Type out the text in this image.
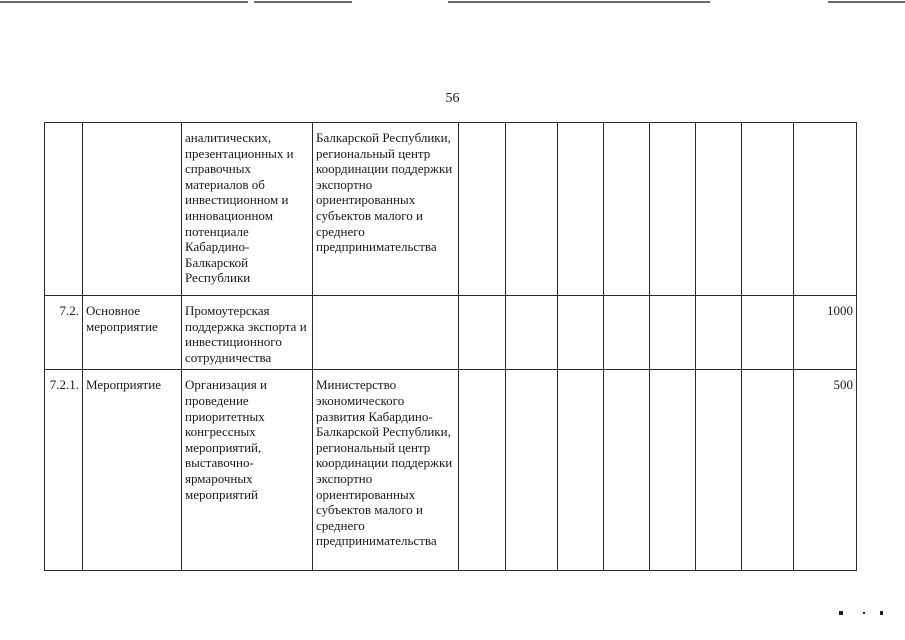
56
		аналитических, презентационных и справочных материалов об инвестиционном и инновационном потенциале Кабардино-Балкарской Республики	Балкарской Республики, региональный центр координации поддержки экспортно ориентированных субъектов малого и среднего предпринимательства								
7.2.	Основное мероприятие	Промоутерская поддержка экспорта и инвестиционного сотрудничества									1000
7.2.1.	Мероприятие	Организация и проведение приоритетных конгрессных мероприятий, выставочно-ярмарочных мероприятий	Министерство экономического развития Кабардино-Балкарской Республики, региональный центр координации поддержки экспортно ориентированных субъектов малого и среднего предпринимательства								500
